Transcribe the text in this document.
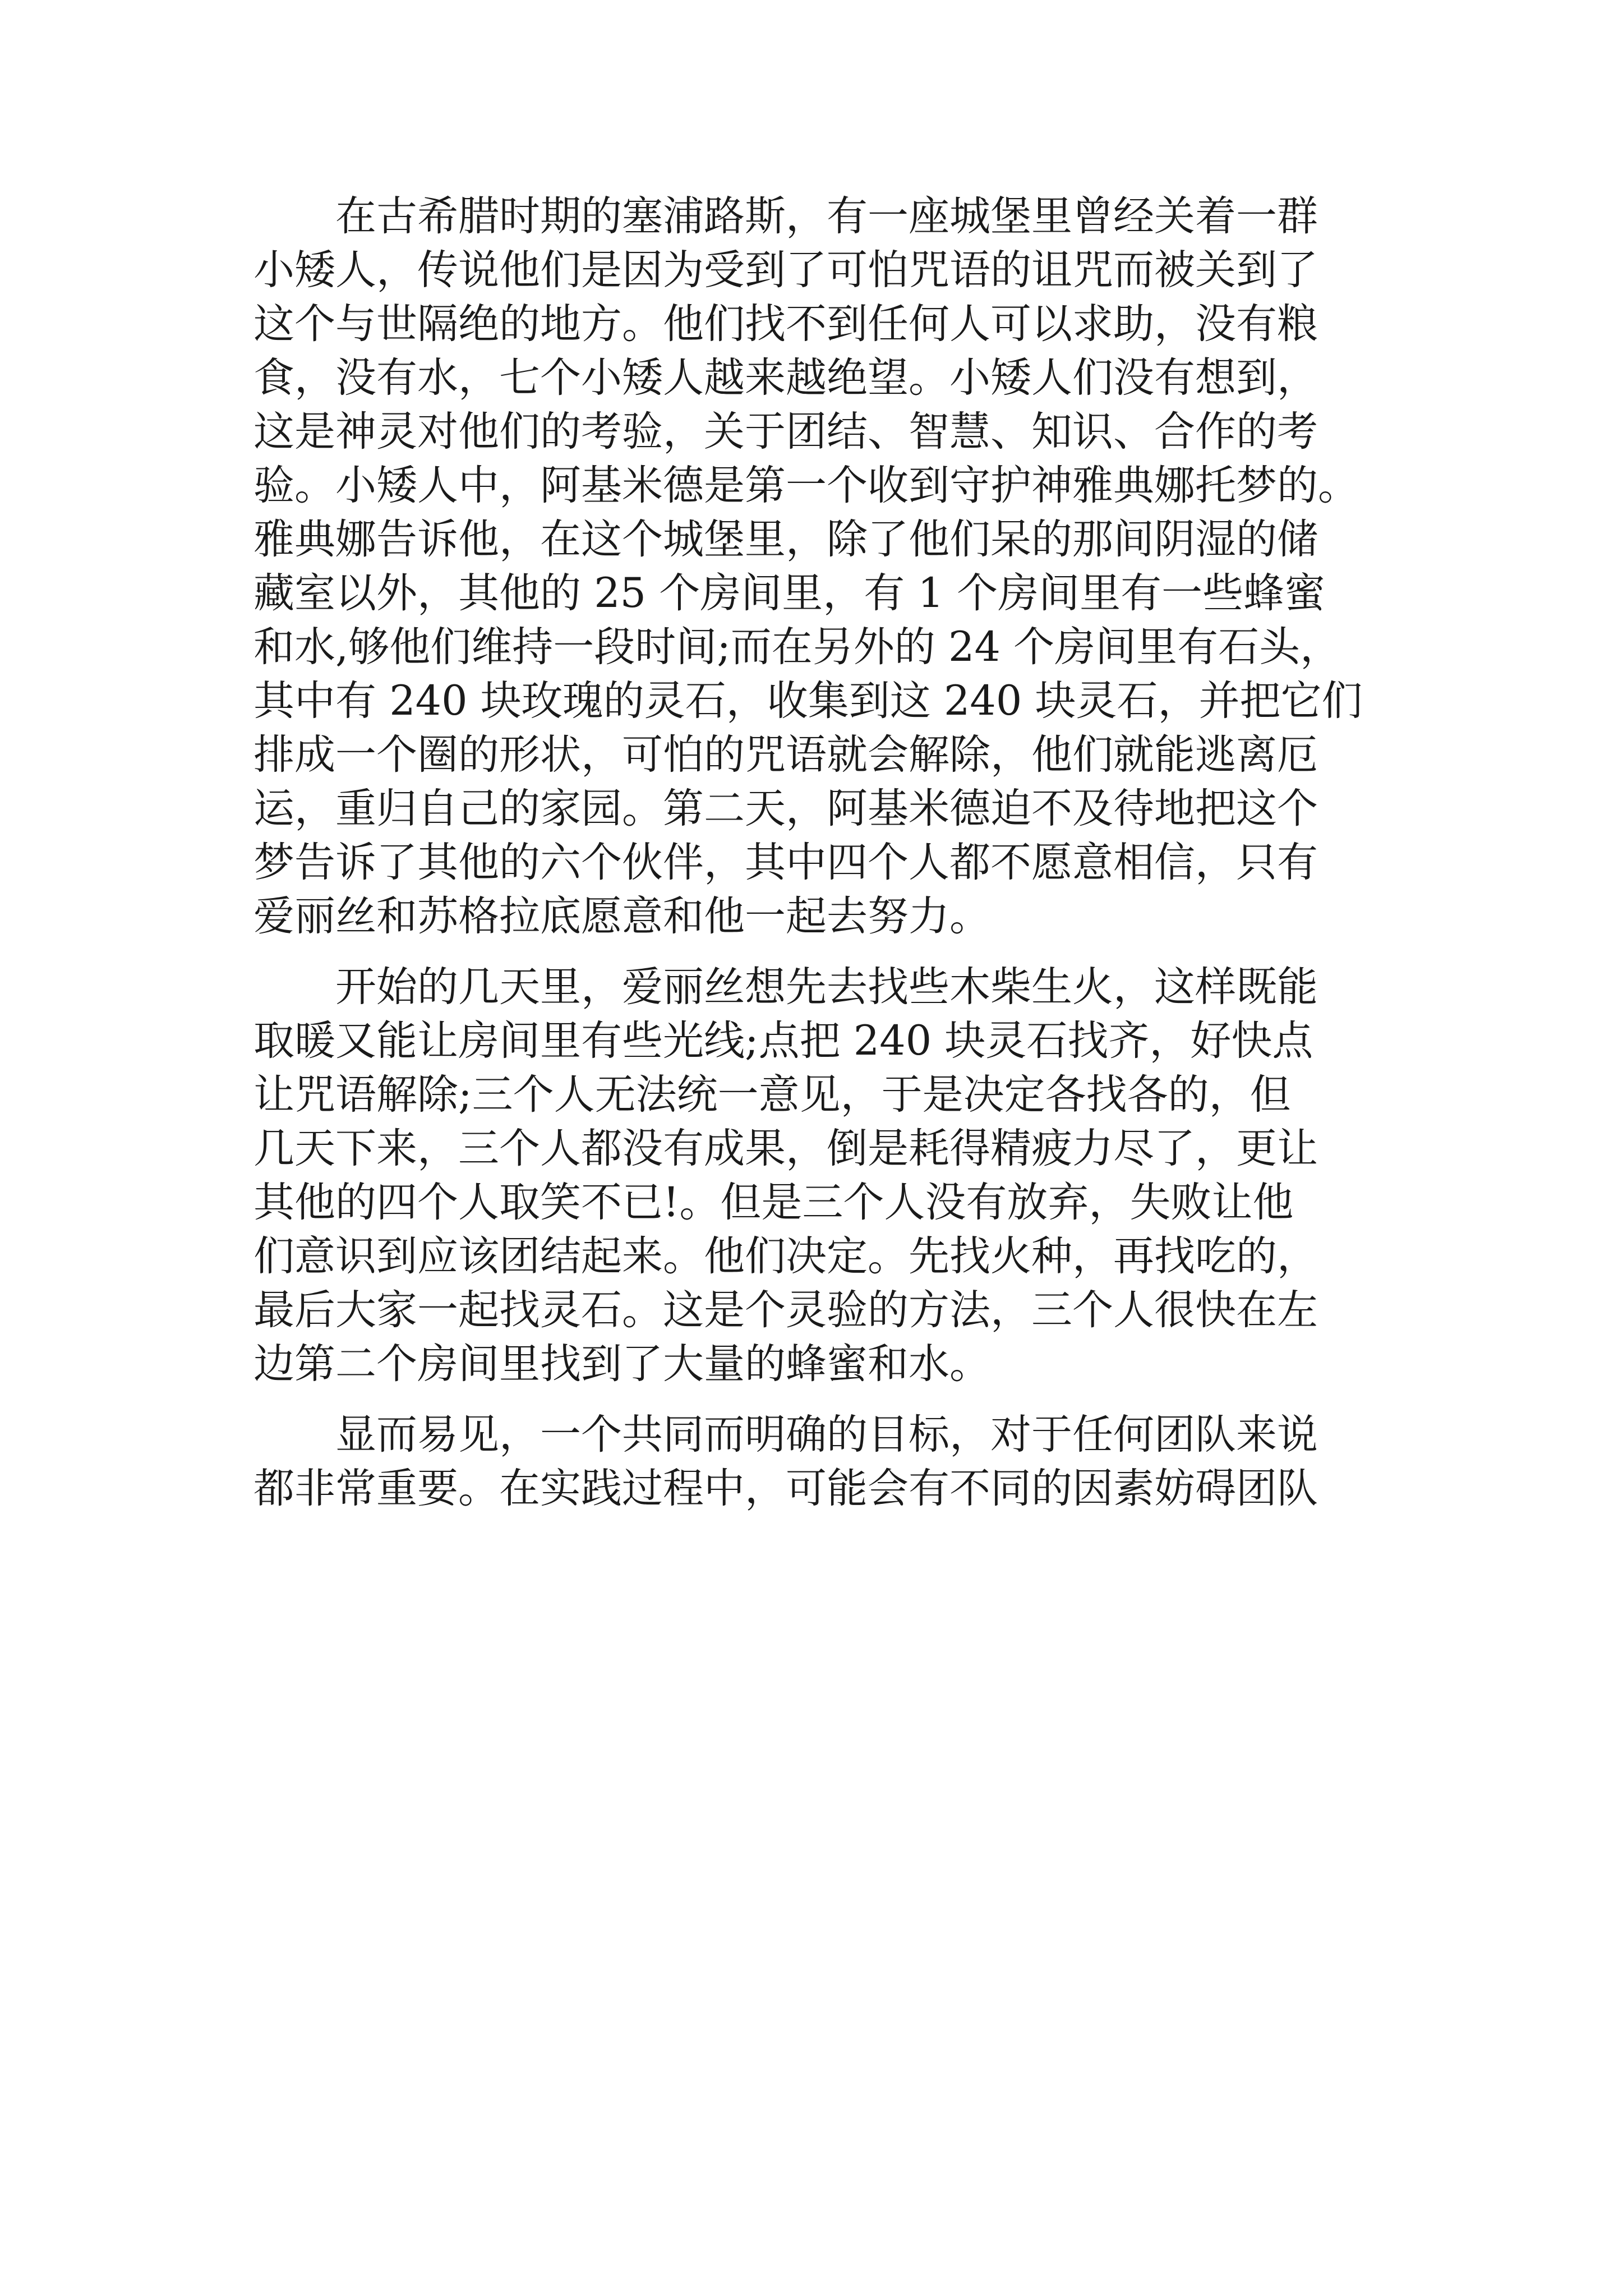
在古希腊时期的塞浦路斯，有一座城堡里曾经关着一群
小矮人，传说他们是因为受到了可怕咒语的诅咒而被关到了
这个与世隔绝的地方。他们找不到任何人可以求助，没有粮
食，没有水，七个小矮人越来越绝望。小矮人们没有想到，
这是神灵对他们的考验，关于团结、智慧、知识、合作的考
验。小矮人中，阿基米德是第一个收到守护神雅典娜托梦的。
雅典娜告诉他，在这个城堡里，除了他们呆的那间阴湿的储
藏室以外，其他的 25 个房间里，有 1 个房间里有一些蜂蜜
和水,够他们维持一段时间;而在另外的 24 个房间里有石头，
其中有 240 块玫瑰的灵石，收集到这 240 块灵石，并把它们
排成一个圈的形状，可怕的咒语就会解除，他们就能逃离厄
运，重归自己的家园。第二天，阿基米德迫不及待地把这个
梦告诉了其他的六个伙伴，其中四个人都不愿意相信，只有
爱丽丝和苏格拉底愿意和他一起去努力。
开始的几天里，爱丽丝想先去找些木柴生火，这样既能
取暖又能让房间里有些光线;点把 240 块灵石找齐，好快点
让咒语解除;三个人无法统一意见，于是决定各找各的，但
几天下来，三个人都没有成果，倒是耗得精疲力尽了，更让
其他的四个人取笑不已!。但是三个人没有放弃，失败让他
们意识到应该团结起来。他们决定。先找火种，再找吃的，
最后大家一起找灵石。这是个灵验的方法，三个人很快在左
边第二个房间里找到了大量的蜂蜜和水。
显而易见，一个共同而明确的目标，对于任何团队来说
都非常重要。在实践过程中，可能会有不同的因素妨碍团队
